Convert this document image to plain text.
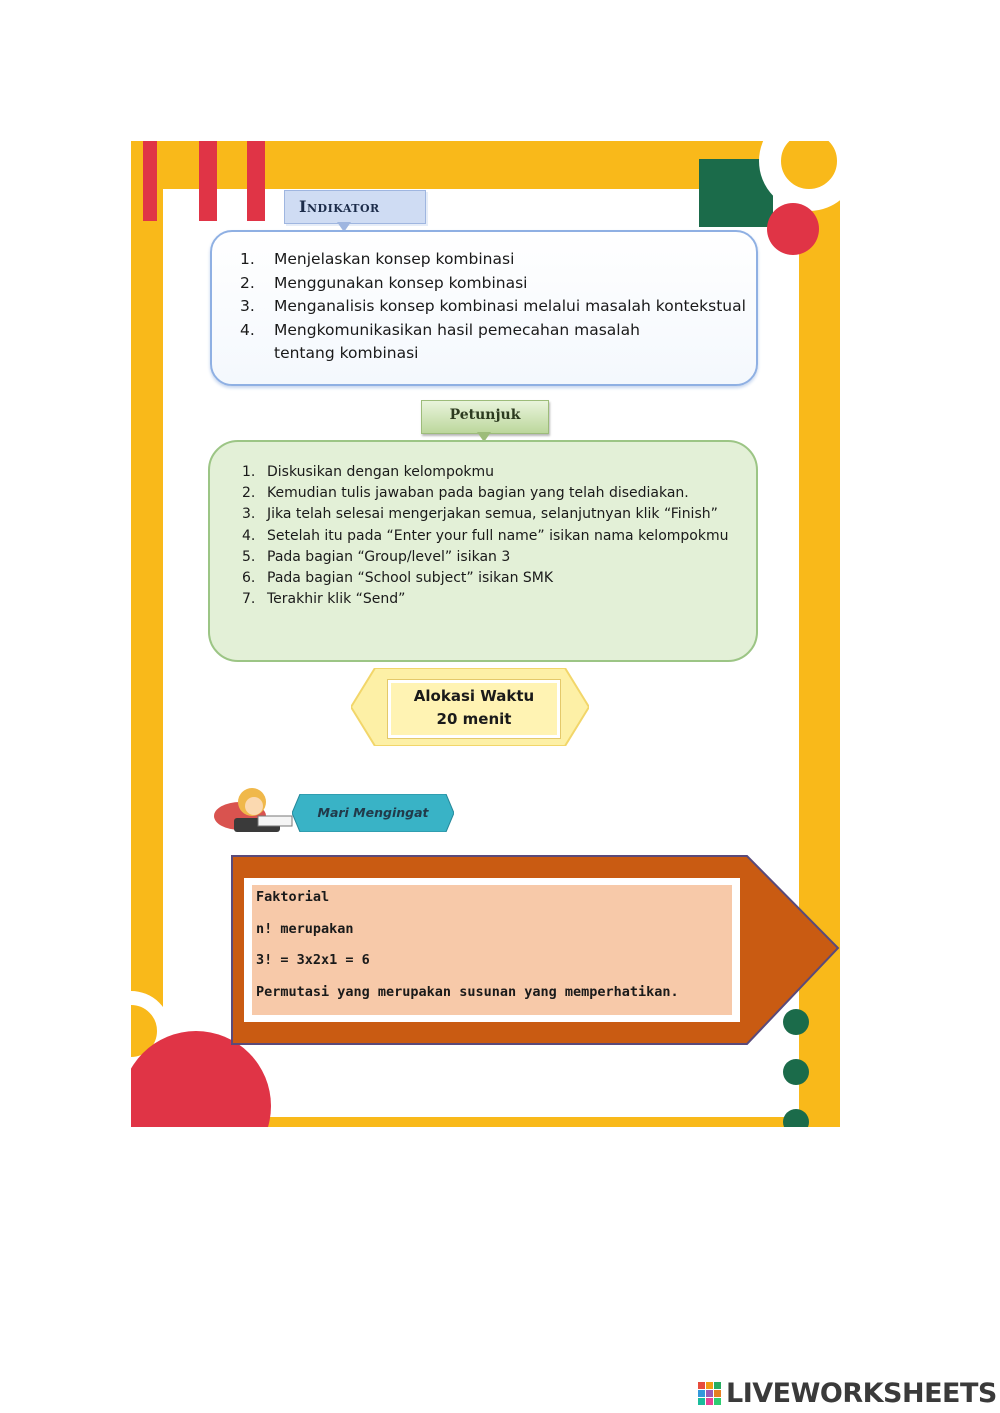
Indikator
1.	Menjelaskan konsep kombinasi
2.	Menggunakan konsep kombinasi
3.	Menganalisis konsep kombinasi melalui masalah kontekstual
4.	Mengkomunikasikan hasil pemecahan masalah tentang kombinasi
Petunjuk
1. Diskusikan dengan kelompokmu
2. Kemudian tulis jawaban pada bagian yang telah disediakan.
3. Jika telah selesai mengerjakan semua, selanjutnyan klik “Finish”
4. Setelah itu pada “Enter your full name” isikan nama kelompokmu
5. Pada bagian “Group/level” isikan 3
6. Pada bagian “School subject” isikan SMK
7. Terakhir klik “Send”
Alokasi Waktu
20 menit
Mari Mengingat
Faktorial
n! merupakan
3! = 3x2x1 = 6
Permutasi yang merupakan susunan yang memperhatikan.
LIVEWORKSHEETS
